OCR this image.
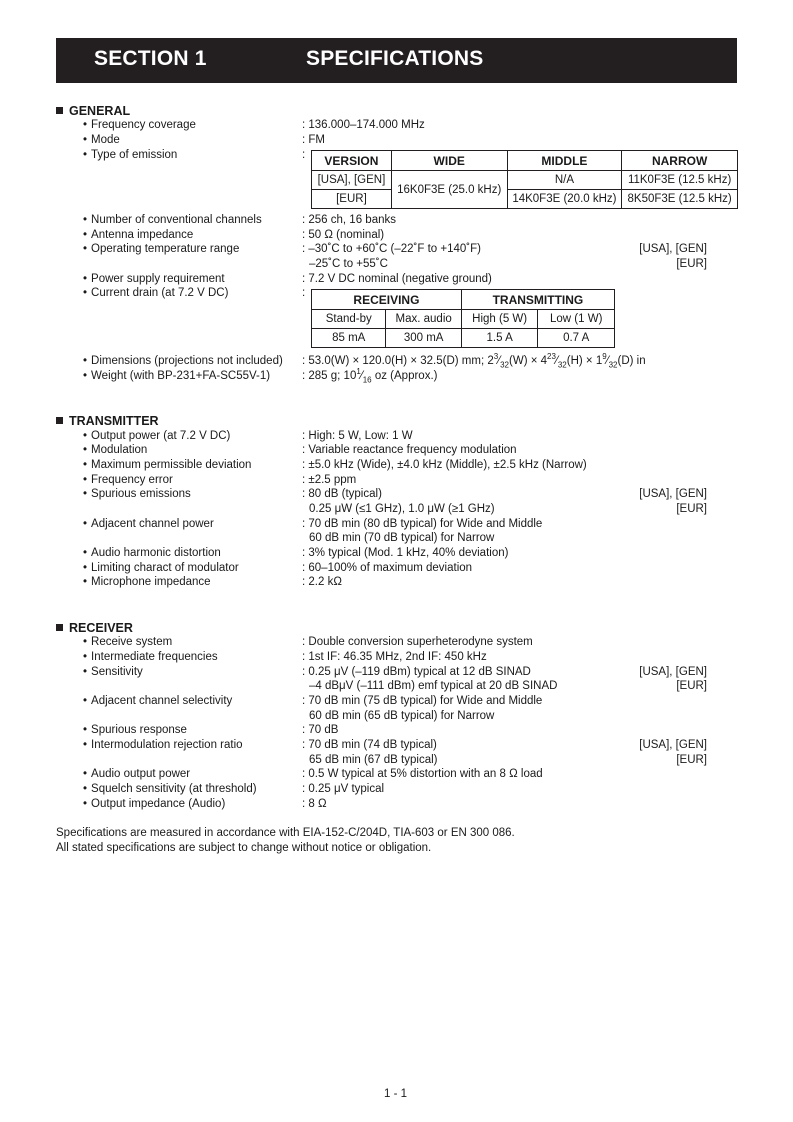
SECTION 1	SPECIFICATIONS
GENERAL
• Frequency coverage	: 136.000–174.000 MHz
• Mode	: FM
• Type of emission	: VERSION	WIDE	MIDDLE	NARROW
[USA], [GEN]	16K0F3E (25.0 kHz)	N/A	11K0F3E (12.5 kHz)
[EUR]		14K0F3E (20.0 kHz)	8K50F3E (12.5 kHz)
• Number of conventional channels	: 256 ch, 16 banks
• Antenna impedance	: 50 Ω (nominal)
• Operating temperature range	: –30˚C to +60˚C (–22˚F to +140˚F)	[USA], [GEN]
–25˚C to +55˚C	[EUR]
• Power supply requirement	: 7.2 V DC nominal (negative ground)
• Current drain (at 7.2 V DC)	:	RECEIVING		TRANSMITTING	
Stand-by	Max. audio	High (5 W)	Low (1 W)
85 mA	300 mA	1.5 A	0.7 A
• Dimensions (projections not included) : 53.0(W) × 120.0(H) × 32.5(D) mm; $2^3⁄_{32}(W)$ × $4^{23}⁄_{32}(H)$ × $1^9⁄_{32}(D)$ in
• Weight (with BP-231+FA-SC55V-1)	: 285 g; $10^1⁄_{16}$ oz (Approx.)
TRANSMITTER
• Output power (at 7.2 V DC)	: High: 5 W, Low: 1 W
• Modulation	: Variable reactance frequency modulation
• Maximum permissible deviation	: ±5.0 kHz (Wide), ±4.0 kHz (Middle), ±2.5 kHz (Narrow)
• Frequency error	: ±2.5 ppm
• Spurious emissions	: 80 dB (typical)	[USA], [GEN]
0.25 μW (≤1 GHz), 1.0 μW (≥1 GHz)	[EUR]
• Adjacent channel power	: 70 dB min (80 dB typical) for Wide and Middle
60 dB min (70 dB typical) for Narrow
• Audio harmonic distortion	: 3% typical (Mod. 1 kHz, 40% deviation)
• Limiting charact of modulator	: 60–100% of maximum deviation
• Microphone impedance	: 2.2 kΩ
RECEIVER
• Receive system	: Double conversion superheterodyne system
• Intermediate frequencies	: 1st IF: 46.35 MHz, 2nd IF: 450 kHz
• Sensitivity	: 0.25 μV (–119 dBm) typical at 12 dB SINAD	[USA], [GEN]
–4 dBμV (–111 dBm) emf typical at 20 dB SINAD	[EUR]
• Adjacent channel selectivity	: 70 dB min (75 dB typical) for Wide and Middle
60 dB min (65 dB typical) for Narrow
• Spurious response	: 70 dB
• Intermodulation rejection ratio	: 70 dB min (74 dB typical)	[USA], [GEN]
65 dB min (67 dB typical)	[EUR]
• Audio output power	: 0.5 W typical at 5% distortion with an 8 Ω load
• Squelch sensitivity (at threshold)	: 0.25 μV typical
• Output impedance (Audio)	: 8 Ω
Specifications are measured in accordance with EIA-152-C/204D, TIA-603 or EN 300 086.
All stated specifications are subject to change without notice or obligation.
1 - 1
